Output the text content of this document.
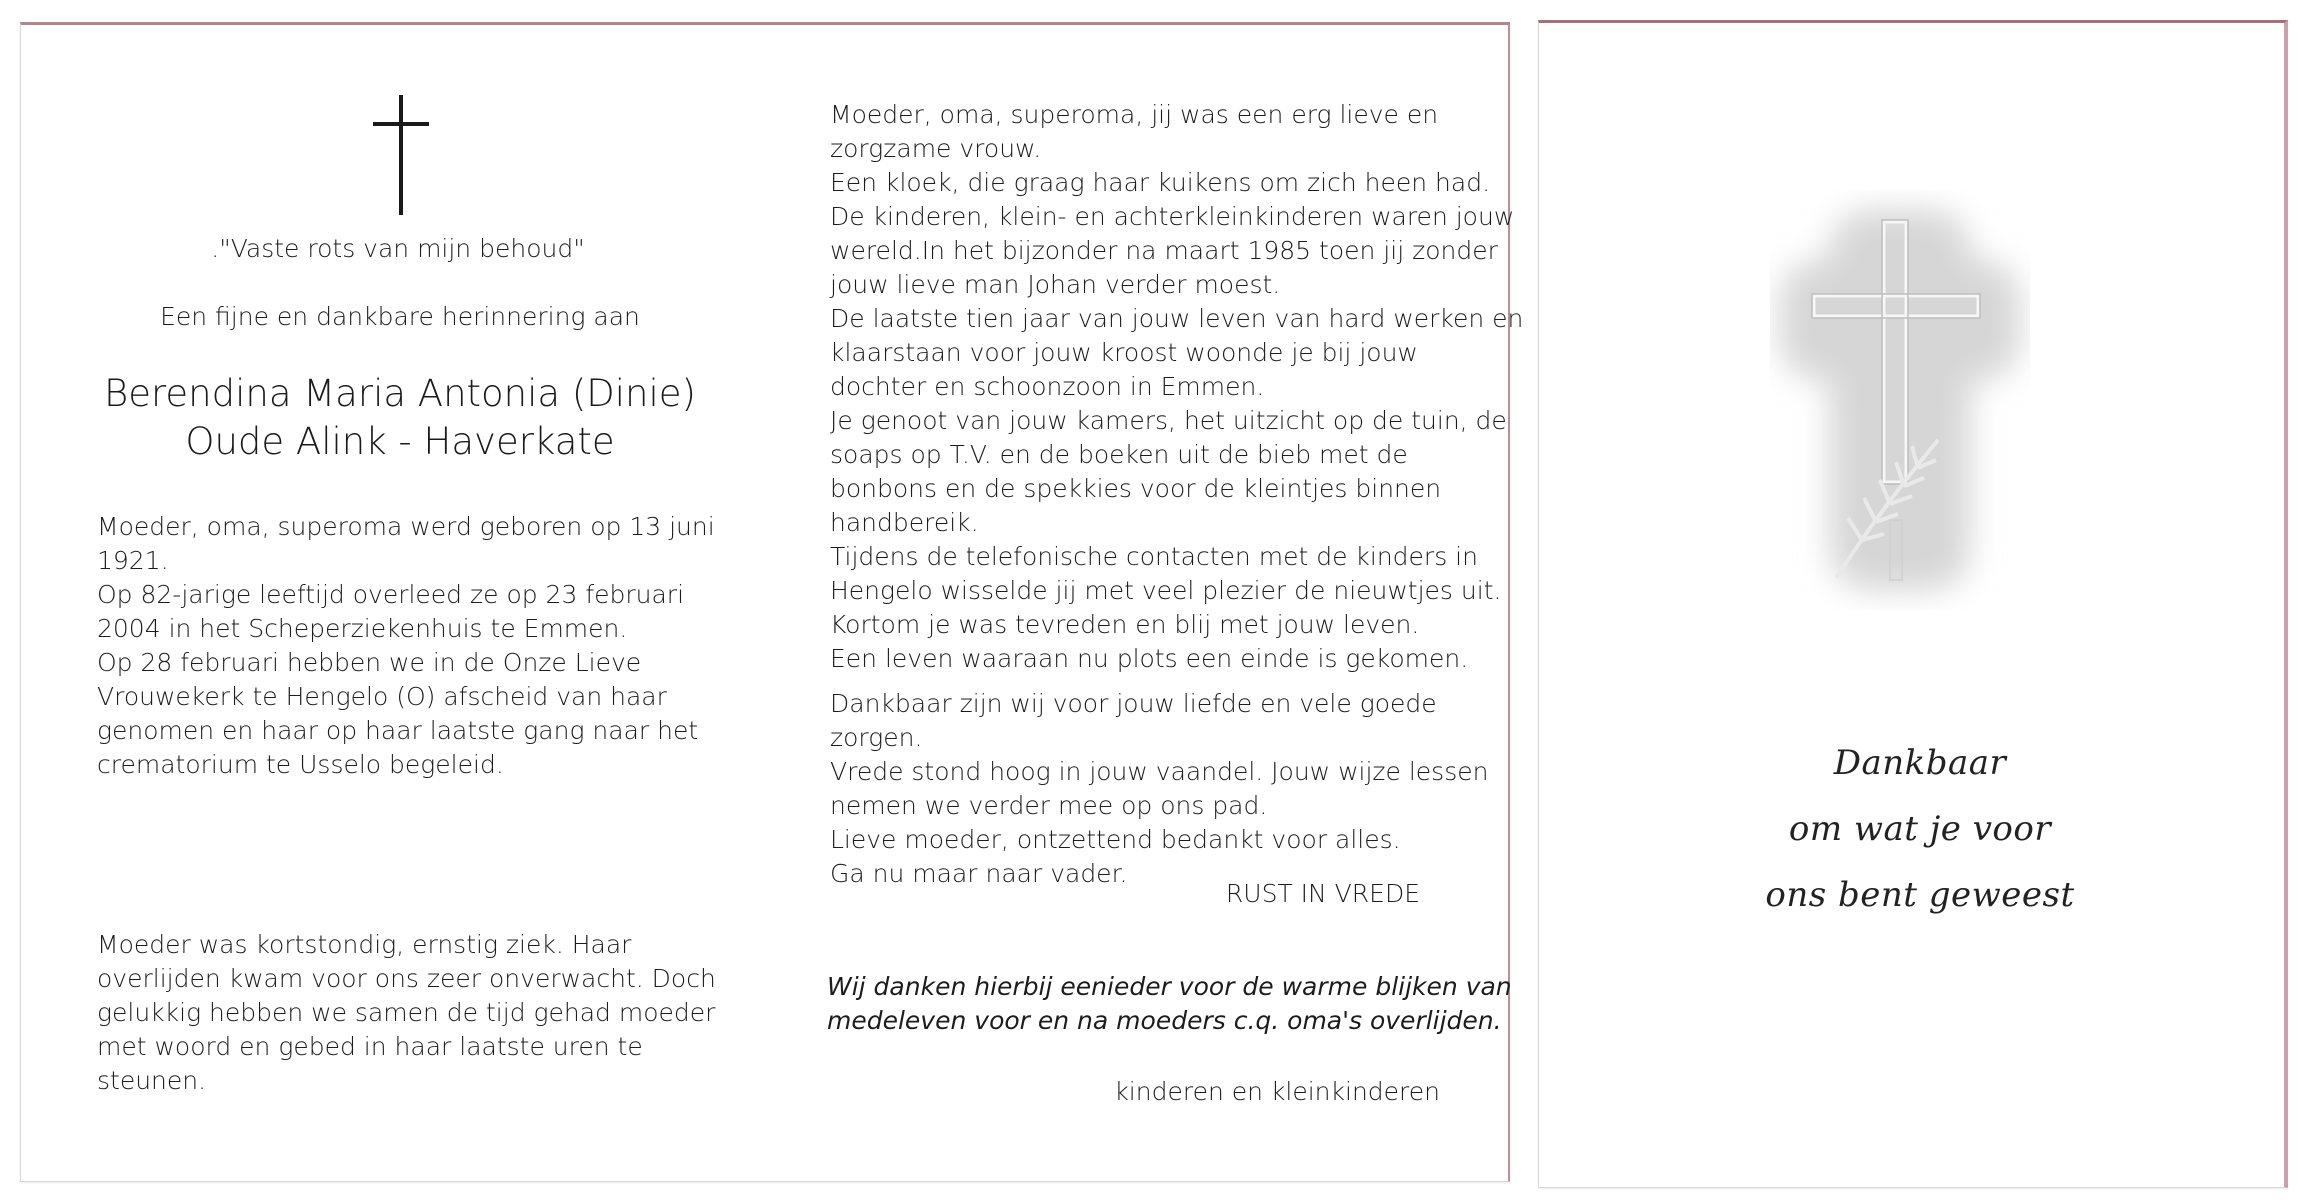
."Vaste rots van mijn behoud"
Een fijne en dankbare herinnering aan
Berendina Maria Antonia (Dinie)
Oude Alink - Haverkate
Moeder, oma, superoma werd geboren op 13 juni
1921.
Op 82-jarige leeftijd overleed ze op 23 februari
2004 in het Scheperziekenhuis te Emmen.
Op 28 februari hebben we in de Onze Lieve
Vrouwekerk te Hengelo (O) afscheid van haar
genomen en haar op haar laatste gang naar het
crematorium te Usselo begeleid.
Moeder was kortstondig, ernstig ziek. Haar
overlijden kwam voor ons zeer onverwacht. Doch
gelukkig hebben we samen de tijd gehad moeder
met woord en gebed in haar laatste uren te
steunen.
Moeder, oma, superoma, jij was een erg lieve en
zorgzame vrouw.
Een kloek, die graag haar kuikens om zich heen had.
De kinderen, klein- en achterkleinkinderen waren jouw
wereld.In het bijzonder na maart 1985 toen jij zonder
jouw lieve man Johan verder moest.
De laatste tien jaar van jouw leven van hard werken en
klaarstaan voor jouw kroost woonde je bij jouw
dochter en schoonzoon in Emmen.
Je genoot van jouw kamers, het uitzicht op de tuin, de
soaps op T.V. en de boeken uit de bieb met de
bonbons en de spekkies voor de kleintjes binnen
handbereik.
Tijdens de telefonische contacten met de kinders in
Hengelo wisselde jij met veel plezier de nieuwtjes uit.
Kortom je was tevreden en blij met jouw leven.
Een leven waaraan nu plots een einde is gekomen.
Dankbaar zijn wij voor jouw liefde en vele goede
zorgen.
Vrede stond hoog in jouw vaandel. Jouw wijze lessen
nemen we verder mee op ons pad.
Lieve moeder, ontzettend bedankt voor alles.
Ga nu maar naar vader.
RUST IN VREDE
Wij danken hierbij eenieder voor de warme blijken van
medeleven voor en na moeders c.q. oma's overlijden.
kinderen en kleinkinderen
Dankbaar
om wat je voor
ons bent geweest
